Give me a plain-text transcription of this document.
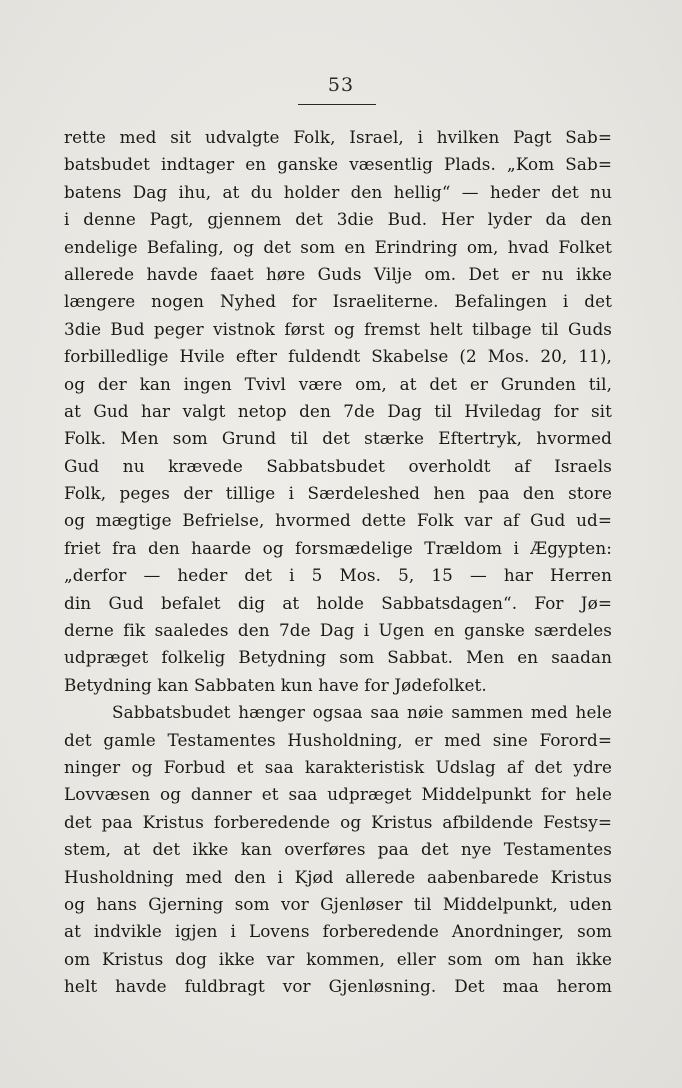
53
rette med sit udvalgte Folk, Israel, i hvilken Pagt Sab=
batsbudet indtager en ganske væsentlig Plads. „Kom Sab=
batens Dag ihu, at du holder den hellig“ — heder det nu
i denne Pagt, gjennem det 3die Bud. Her lyder da den
endelige Befaling, og det som en Erindring om, hvad Folket
allerede havde faaet høre Guds Vilje om. Det er nu ikke
længere nogen Nyhed for Israeliterne. Befalingen i det
3die Bud peger vistnok først og fremst helt tilbage til Guds
forbilledlige Hvile efter fuldendt Skabelse (2 Mos. 20, 11),
og der kan ingen Tvivl være om, at det er Grunden til,
at Gud har valgt netop den 7de Dag til Hviledag for sit
Folk. Men som Grund til det stærke Eftertryk, hvormed
Gud nu krævede Sabbatsbudet overholdt af Israels
Folk, peges der tillige i Særdeleshed hen paa den store
og mægtige Befrielse, hvormed dette Folk var af Gud ud=
friet fra den haarde og forsmædelige Trældom i Ægypten:
„derfor — heder det i 5 Mos. 5, 15 — har Herren
din Gud befalet dig at holde Sabbatsdagen“. For Jø=
derne fik saaledes den 7de Dag i Ugen en ganske særdeles
udpræget folkelig Betydning som Sabbat. Men en saadan
Betydning kan Sabbaten kun have for Jødefolket.
Sabbatsbudet hænger ogsaa saa nøie sammen med hele
det gamle Testamentes Husholdning, er med sine Forord=
ninger og Forbud et saa karakteristisk Udslag af det ydre
Lovvæsen og danner et saa udpræget Middelpunkt for hele
det paa Kristus forberedende og Kristus afbildende Festsy=
stem, at det ikke kan overføres paa det nye Testamentes
Husholdning med den i Kjød allerede aabenbarede Kristus
og hans Gjerning som vor Gjenløser til Middelpunkt, uden
at indvikle igjen i Lovens forberedende Anordninger, som
om Kristus dog ikke var kommen, eller som om han ikke
helt havde fuldbragt vor Gjenløsning. Det maa herom
